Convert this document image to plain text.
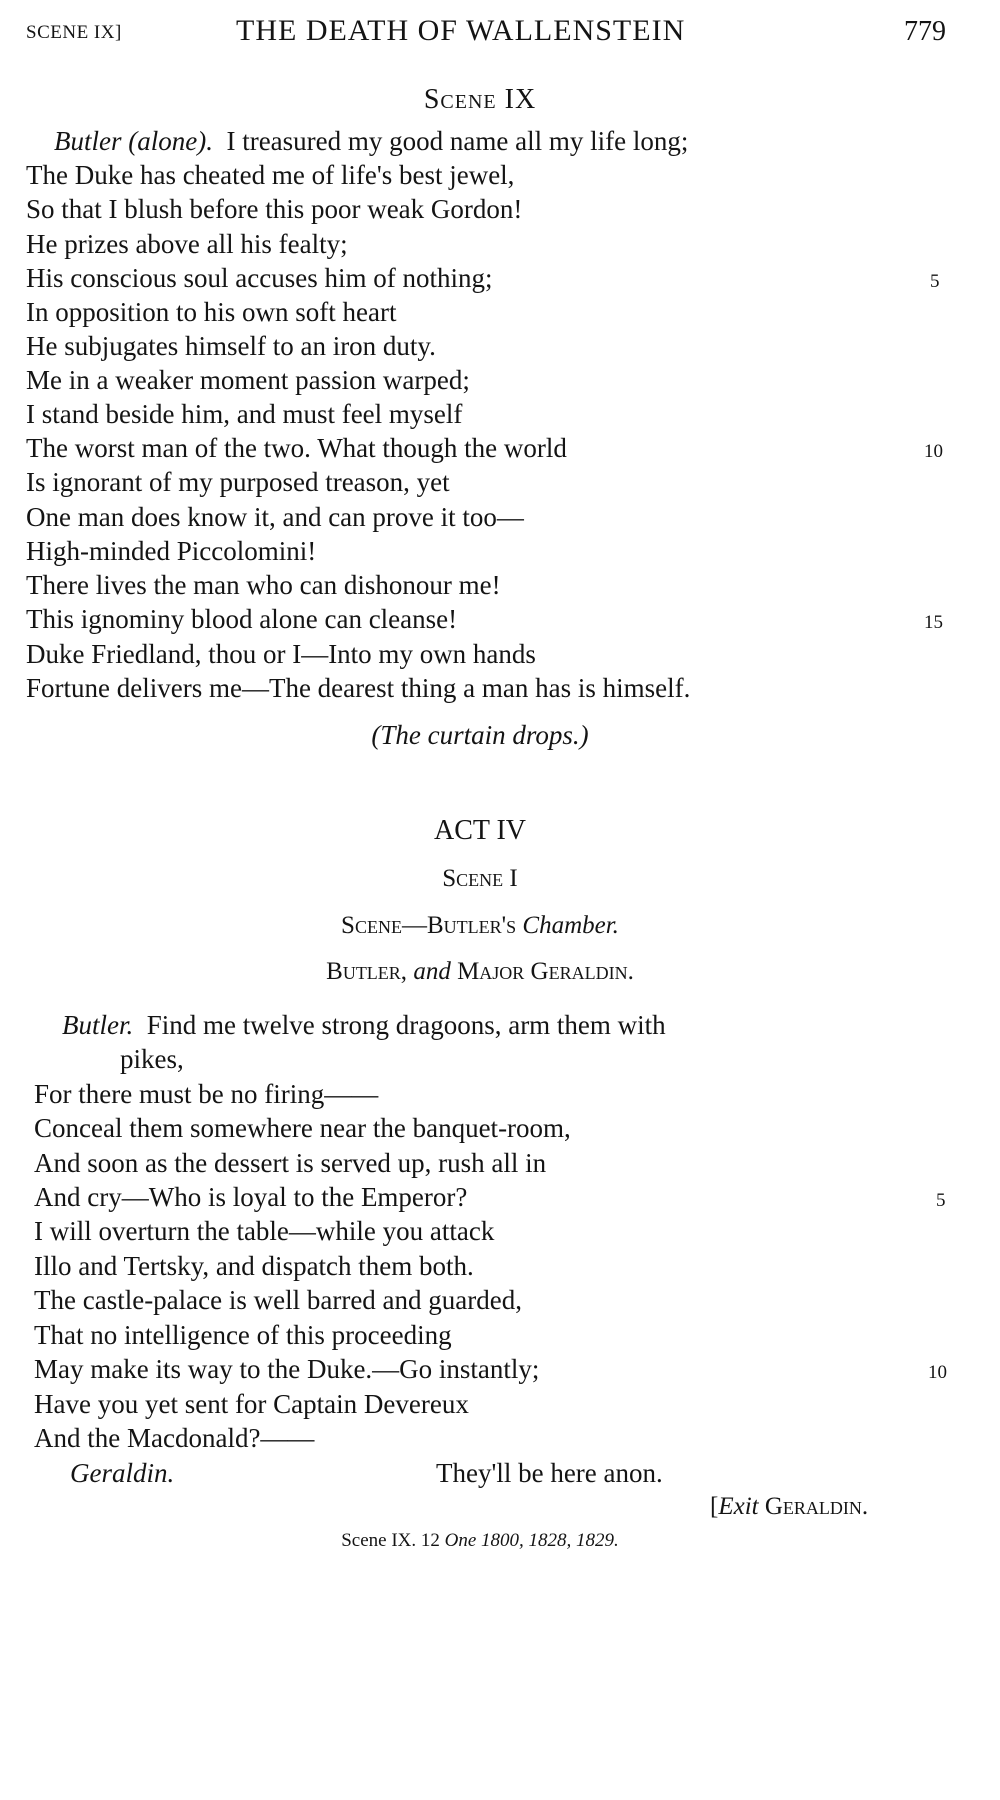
SCENE IX]	THE DEATH OF WALLENSTEIN	779
Scene IX
Butler (alone). I treasured my good name all my life long;
The Duke has cheated me of life's best jewel,
So that I blush before this poor weak Gordon!
He prizes above all his fealty;
His conscious soul accuses him of nothing;	5
In opposition to his own soft heart
He subjugates himself to an iron duty.
Me in a weaker moment passion warped;
I stand beside him, and must feel myself
The worst man of the two. What though the world	10
Is ignorant of my purposed treason, yet
One man does know it, and can prove it too—
High-minded Piccolomini!
There lives the man who can dishonour me!
This ignominy blood alone can cleanse!	15
Duke Friedland, thou or I—Into my own hands
Fortune delivers me—The dearest thing a man has is himself.
(The curtain drops.)
ACT IV
Scene I
Scene—Butler's Chamber.
Butler, and Major Geraldin.
Butler. Find me twelve strong dragoons, arm them with
pikes,
For there must be no firing——
Conceal them somewhere near the banquet-room,
And soon as the dessert is served up, rush all in
And cry—Who is loyal to the Emperor?	5
I will overturn the table—while you attack
Illo and Tertsky, and dispatch them both.
The castle-palace is well barred and guarded,
That no intelligence of this proceeding
May make its way to the Duke.—Go instantly;	10
Have you yet sent for Captain Devereux
And the Macdonald?——
Geraldin.	They'll be here anon.
[Exit Geraldin.
Scene IX. 12 One 1800, 1828, 1829.
